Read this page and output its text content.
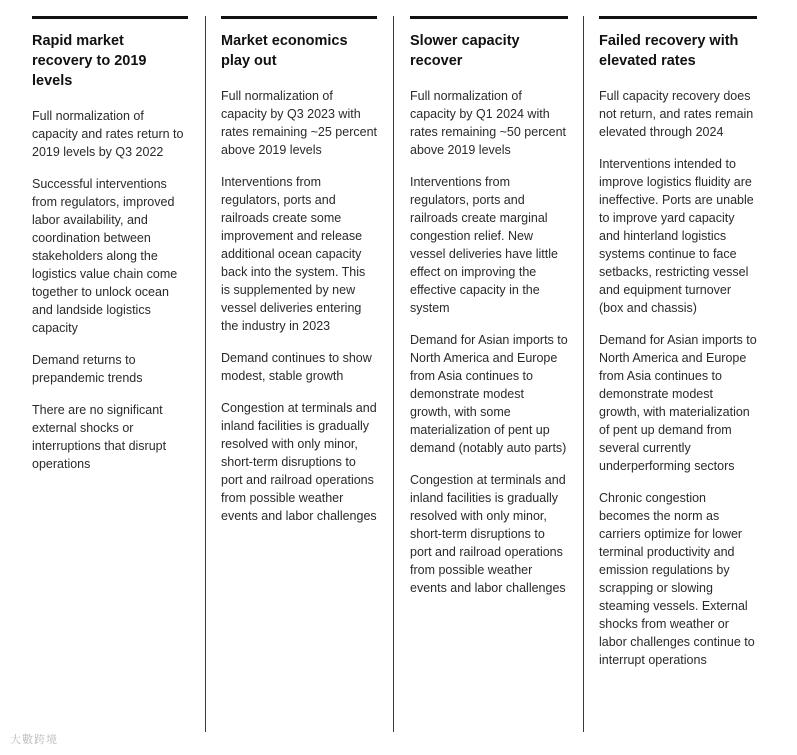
Rapid market recovery to 2019 levels

Full normalization of capacity and rates return to 2019 levels by Q3 2022

Successful interventions from regulators, improved labor availability, and coordination between stakeholders along the logistics value chain come together to unlock ocean and landside logistics capacity

Demand returns to prepandemic trends

There are no significant external shocks or interruptions that disrupt operations

Market economics play out

Full normalization of capacity by Q3 2023 with rates remaining ~25 percent above 2019 levels

Interventions from regulators, ports and railroads create some improvement and release additional ocean capacity back into the system. This is supplemented by new vessel deliveries entering the industry in 2023

Demand continues to show modest, stable growth

Congestion at terminals and inland facilities is gradually resolved with only minor, short-term disruptions to port and railroad operations from possible weather events and labor challenges

Slower capacity recover

Full normalization of capacity by Q1 2024 with rates remaining ~50 percent above 2019 levels

Interventions from regulators, ports and railroads create marginal congestion relief. New vessel deliveries have little effect on improving the effective capacity in the system

Demand for Asian imports to North America and Europe from Asia continues to demonstrate modest growth, with some materialization of pent up demand (notably auto parts)

Congestion at terminals and inland facilities is gradually resolved with only minor, short-term disruptions to port and railroad operations from possible weather events and labor challenges

Failed recovery with elevated rates

Full capacity recovery does not return, and rates remain elevated through 2024

Interventions intended to improve logistics fluidity are ineffective. Ports are unable to improve yard capacity and hinterland logistics systems continue to face setbacks, restricting vessel and equipment turnover (box and chassis)

Demand for Asian imports to North America and Europe from Asia continues to demonstrate modest growth, with materialization of pent up demand from several currently underperforming sectors

Chronic congestion becomes the norm as carriers optimize for lower terminal productivity and emission regulations by scrapping or slowing steaming vessels. External shocks from weather or labor challenges continue to interrupt operations

大數跨境
